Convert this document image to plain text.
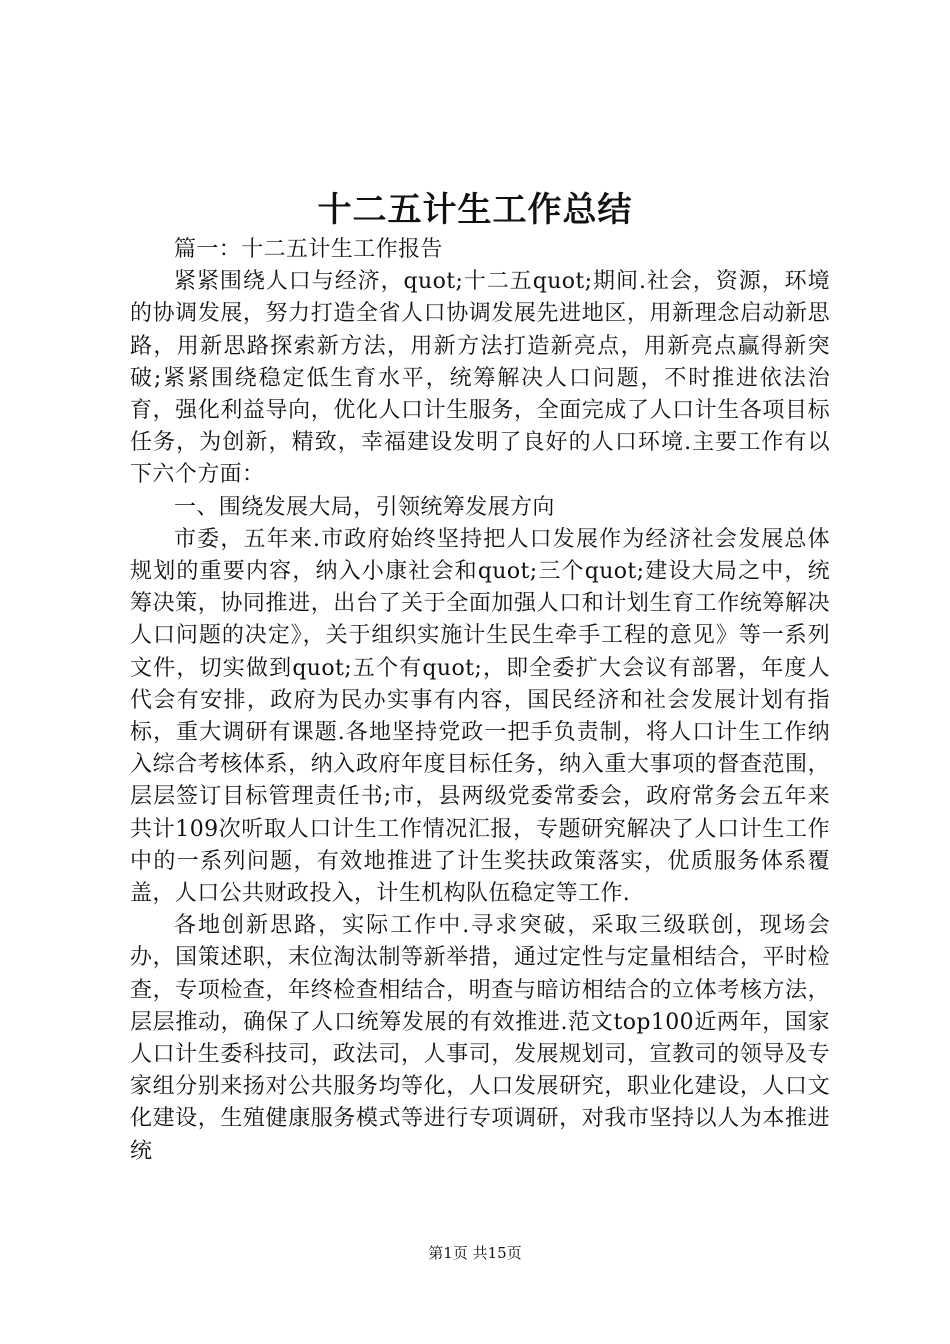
十二五计生工作总结

篇一：十二五计生工作报告

紧紧围绕人口与经济，quot;十二五quot;期间.社会，资源，环境的协调发展，努力打造全省人口协调发展先进地区，用新理念启动新思路，用新思路探索新方法，用新方法打造新亮点，用新亮点赢得新突破;紧紧围绕稳定低生育水平，统筹解决人口问题，不时推进依法治育，强化利益导向，优化人口计生服务，全面完成了人口计生各项目标任务，为创新，精致，幸福建设发明了良好的人口环境.主要工作有以下六个方面：

一、围绕发展大局，引领统筹发展方向

市委，五年来.市政府始终坚持把人口发展作为经济社会发展总体规划的重要内容，纳入小康社会和quot;三个quot;建设大局之中，统筹决策，协同推进，出台了关于全面加强人口和计划生育工作统筹解决人口问题的决定》，关于组织实施计生民生牵手工程的意见》等一系列文件，切实做到quot;五个有quot;，即全委扩大会议有部署，年度人代会有安排，政府为民办实事有内容，国民经济和社会发展计划有指标，重大调研有课题.各地坚持党政一把手负责制，将人口计生工作纳入综合考核体系，纳入政府年度目标任务，纳入重大事项的督查范围，层层签订目标管理责任书;市，县两级党委常委会，政府常务会五年来共计109次听取人口计生工作情况汇报，专题研究解决了人口计生工作中的一系列问题，有效地推进了计生奖扶政策落实，优质服务体系覆盖，人口公共财政投入，计生机构队伍稳定等工作.

各地创新思路，实际工作中.寻求突破，采取三级联创，现场会办，国策述职，末位淘汰制等新举措，通过定性与定量相结合，平时检查，专项检查，年终检查相结合，明查与暗访相结合的立体考核方法，层层推动，确保了人口统筹发展的有效推进.范文top100近两年，国家人口计生委科技司，政法司，人事司，发展规划司，宣教司的领导及专家组分别来扬对公共服务均等化，人口发展研究，职业化建设，人口文化建设，生殖健康服务模式等进行专项调研，对我市坚持以人为本推进统

第1页 共15页
